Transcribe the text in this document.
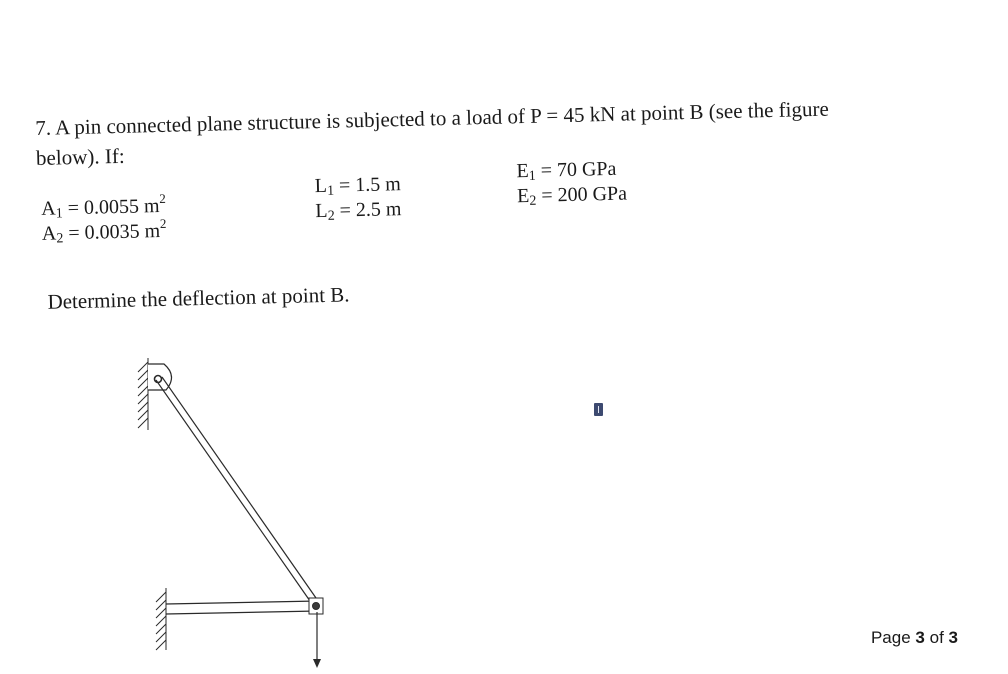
7. A pin connected plane structure is subjected to a load of P = 45 kN at point B (see the figure
below). If:
$A_1 = 0.0055$ $m^2$
$A_2 = 0.0035$ $m^2$
$L_1 = 1.5$ m
$L_2 = 2.5$ m
$E_1 = 70$ GPa
$E_2 = 200$ GPa
Determine the deflection at point B.
Page 3 of 3
